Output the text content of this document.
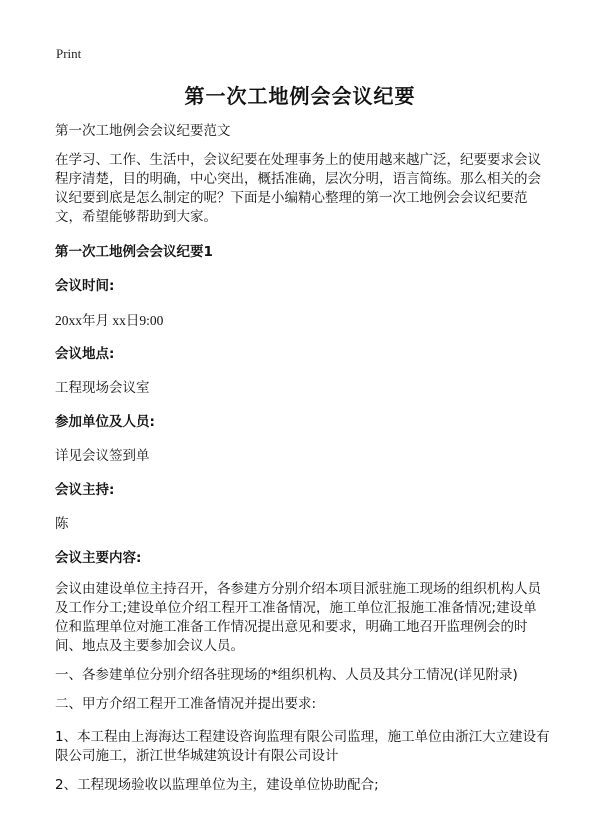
Print
第一次工地例会会议纪要

第一次工地例会会议纪要范文

在学习、工作、生活中，会议纪要在处理事务上的使用越来越广泛，纪要要求会议程序清楚，目的明确，中心突出，概括准确，层次分明，语言简练。那么相关的会议纪要到底是怎么制定的呢？下面是小编精心整理的第一次工地例会会议纪要范文，希望能够帮助到大家。

第一次工地例会会议纪要1

会议时间:

20xx年月 xx日9:00

会议地点:

工程现场会议室

参加单位及人员:

详见会议签到单

会议主持:

陈

会议主要内容:

会议由建设单位主持召开，各参建方分别介绍本项目派驻施工现场的组织机构人员及工作分工;建设单位介绍工程开工准备情况，施工单位汇报施工准备情况;建设单位和监理单位对施工准备工作情况提出意见和要求，明确工地召开监理例会的时间、地点及主要参加会议人员。

一、各参建单位分别介绍各驻现场的*组织机构、人员及其分工情况(详见附录)

二、甲方介绍工程开工准备情况并提出要求:

1、本工程由上海海达工程建设咨询监理有限公司监理，施工单位由浙江大立建设有限公司施工，浙江世华城建筑设计有限公司设计

2、工程现场验收以监理单位为主，建设单位协助配合;
